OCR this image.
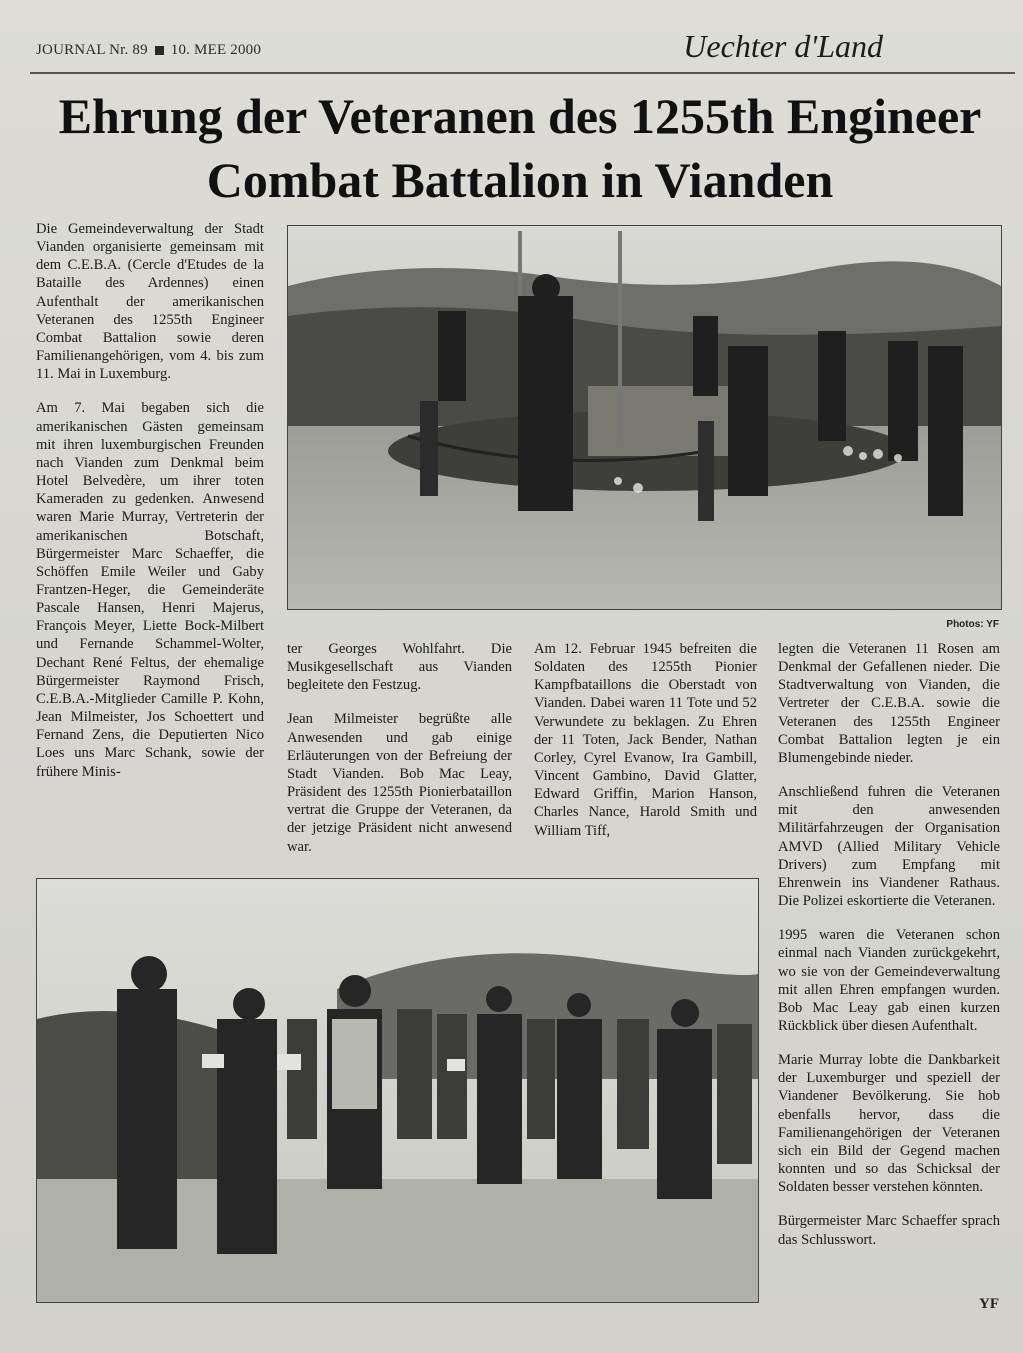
JOURNAL Nr. 89 10. MEE 2000	Uechter d'Land
Ehrung der Veteranen des 1255th Engineer
Combat Battalion in Vianden

Die Gemeindeverwaltung der Stadt Vianden organisierte gemeinsam mit dem C.E.B.A. (Cercle d'Etudes de la Bataille des Ardennes) einen Aufenthalt der amerikanischen Veteranen des 1255th Engineer Combat Battalion sowie deren Familienangehörigen, vom 4. bis zum 11. Mai in Luxemburg.

Am 7. Mai begaben sich die amerikanischen Gästen gemeinsam mit ihren luxemburgischen Freunden nach Vianden zum Denkmal beim Hotel Belvedère, um ihrer toten Kameraden zu gedenken. Anwesend waren Marie Murray, Vertreterin der amerikanischen Botschaft, Bürgermeister Marc Schaeffer, die Schöffen Emile Weiler und Gaby Frantzen-Heger, die Gemeinderäte Pascale Hansen, Henri Majerus, François Meyer, Liette Bock-Milbert und Fernande Schammel-Wolter, Dechant René Feltus, der ehemalige Bürgermeister Raymond Frisch, C.E.B.A.-Mitglieder Camille P. Kohn, Jean Milmeister, Jos Schoettert und Fernand Zens, die Deputierten Nico Loes uns Marc Schank, sowie der frühere Minis-

Photos: YF

ter Georges Wohlfahrt. Die Musikgesellschaft aus Vianden begleitete den Festzug.

Jean Milmeister begrüßte alle Anwesenden und gab einige Erläuterungen von der Befreiung der Stadt Vianden. Bob Mac Leay, Präsident des 1255th Pionierbataillon vertrat die Gruppe der Veteranen, da der jetzige Präsident nicht anwesend war.

Am 12. Februar 1945 befreiten die Soldaten des 1255th Pionier Kampfbataillons die Oberstadt von Vianden. Dabei waren 11 Tote und 52 Verwundete zu beklagen. Zu Ehren der 11 Toten, Jack Bender, Nathan Corley, Cyrel Evanow, Ira Gambill, Vincent Gambino, David Glatter, Edward Griffin, Marion Hanson, Charles Nance, Harold Smith und William Tiff,

legten die Veteranen 11 Rosen am Denkmal der Gefallenen nieder. Die Stadtverwaltung von Vianden, die Vertreter der C.E.B.A. sowie die Veteranen des 1255th Engineer Combat Battalion legten je ein Blumengebinde nieder.

Anschließend fuhren die Veteranen mit den anwesenden Militärfahrzeugen der Organisation AMVD (Allied Military Vehicle Drivers) zum Empfang mit Ehrenwein ins Viandener Rathaus. Die Polizei eskortierte die Veteranen.

1995 waren die Veteranen schon einmal nach Vianden zurückgekehrt, wo sie von der Gemeindeverwaltung mit allen Ehren empfangen wurden. Bob Mac Leay gab einen kurzen Rückblick über diesen Aufenthalt.

Marie Murray lobte die Dankbarkeit der Luxemburger und speziell der Viandener Bevölkerung. Sie hob ebenfalls hervor, dass die Familienangehörigen der Veteranen sich ein Bild der Gegend machen konnten und so das Schicksal der Soldaten besser verstehen könnten.

Bürgermeister Marc Schaeffer sprach das Schlusswort.

YF
